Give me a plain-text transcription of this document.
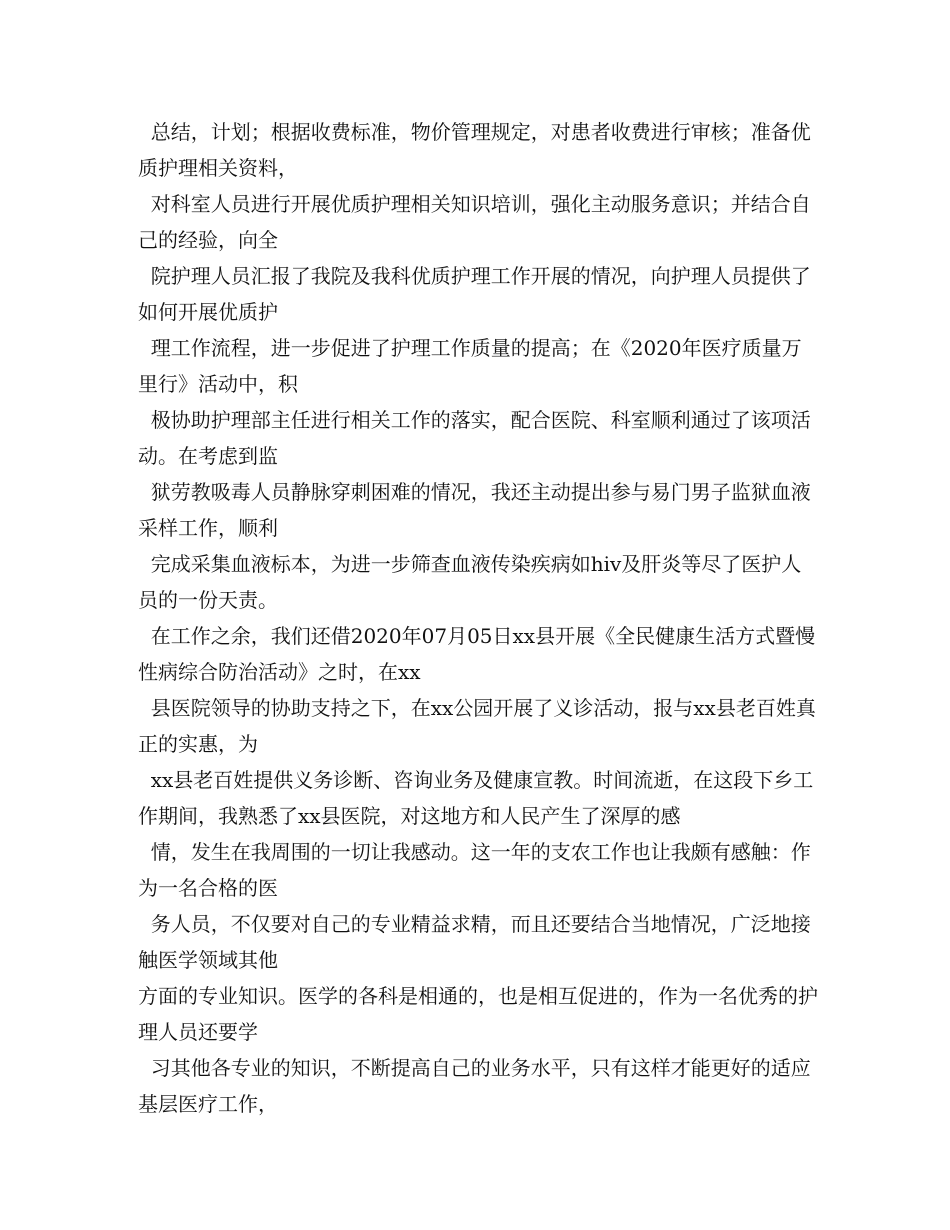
总结，计划；根据收费标准，物价管理规定，对患者收费进行审核；准备优质护理相关资料，

对科室人员进行开展优质护理相关知识培训，强化主动服务意识；并结合自己的经验，向全

院护理人员汇报了我院及我科优质护理工作开展的情况，向护理人员提供了如何开展优质护

理工作流程，进一步促进了护理工作质量的提高；在《2020年医疗质量万里行》活动中，积

极协助护理部主任进行相关工作的落实，配合医院、科室顺利通过了该项活动。在考虑到监

狱劳教吸毒人员静脉穿刺困难的情况，我还主动提出参与易门男子监狱血液采样工作，顺利

完成采集血液标本，为进一步筛查血液传染疾病如hiv及肝炎等尽了医护人员的一份天责。

在工作之余，我们还借2020年07月05日xx县开展《全民健康生活方式暨慢性病综合防治活动》之时，在xx

县医院领导的协助支持之下，在xx公园开展了义诊活动，报与xx县老百姓真正的实惠，为

xx县老百姓提供义务诊断、咨询业务及健康宣教。时间流逝，在这段下乡工作期间，我熟悉了xx县医院，对这地方和人民产生了深厚的感

情，发生在我周围的一切让我感动。这一年的支农工作也让我颇有感触：作为一名合格的医

务人员，不仅要对自己的专业精益求精，而且还要结合当地情况，广泛地接触医学领域其他

方面的专业知识。医学的各科是相通的，也是相互促进的，作为一名优秀的护理人员还要学

习其他各专业的知识，不断提高自己的业务水平，只有这样才能更好的适应基层医疗工作，
